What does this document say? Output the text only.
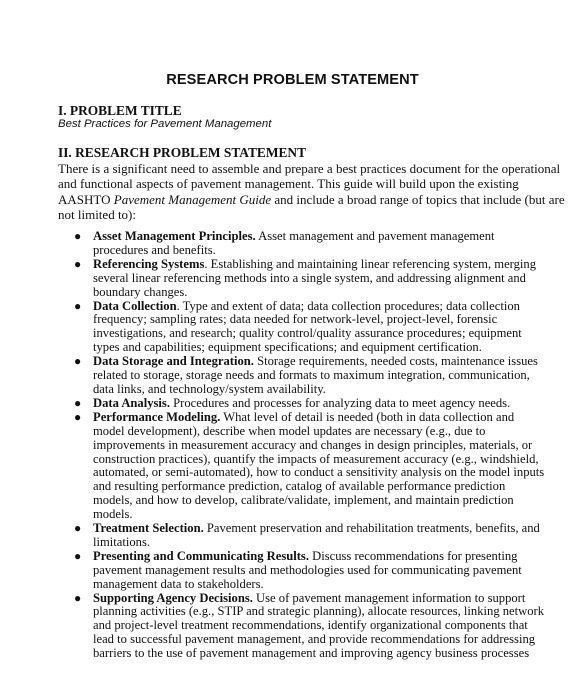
RESEARCH PROBLEM STATEMENT
I. PROBLEM TITLE
Best Practices for Pavement Management
II. RESEARCH PROBLEM STATEMENT
There is a significant need to assemble and prepare a best practices document for the operational
and functional aspects of pavement management. This guide will build upon the existing
AASHTO Pavement Management Guide and include a broad range of topics that include (but are
not limited to):
● Asset Management Principles. Asset management and pavement management
procedures and benefits.
● Referencing Systems. Establishing and maintaining linear referencing system, merging
several linear referencing methods into a single system, and addressing alignment and
boundary changes.
● Data Collection. Type and extent of data; data collection procedures; data collection
frequency; sampling rates; data needed for network-level, project-level, forensic
investigations, and research; quality control/quality assurance procedures; equipment
types and capabilities; equipment specifications; and equipment certification.
● Data Storage and Integration. Storage requirements, needed costs, maintenance issues
related to storage, storage needs and formats to maximum integration, communication,
data links, and technology/system availability.
● Data Analysis. Procedures and processes for analyzing data to meet agency needs.
● Performance Modeling. What level of detail is needed (both in data collection and
model development), describe when model updates are necessary (e.g., due to
improvements in measurement accuracy and changes in design principles, materials, or
construction practices), quantify the impacts of measurement accuracy (e.g., windshield,
automated, or semi-automated), how to conduct a sensitivity analysis on the model inputs
and resulting performance prediction, catalog of available performance prediction
models, and how to develop, calibrate/validate, implement, and maintain prediction
models.
● Treatment Selection. Pavement preservation and rehabilitation treatments, benefits, and
limitations.
● Presenting and Communicating Results. Discuss recommendations for presenting
pavement management results and methodologies used for communicating pavement
management data to stakeholders.
● Supporting Agency Decisions. Use of pavement management information to support
planning activities (e.g., STIP and strategic planning), allocate resources, linking network
and project-level treatment recommendations, identify organizational components that
lead to successful pavement management, and provide recommendations for addressing
barriers to the use of pavement management and improving agency business processes
